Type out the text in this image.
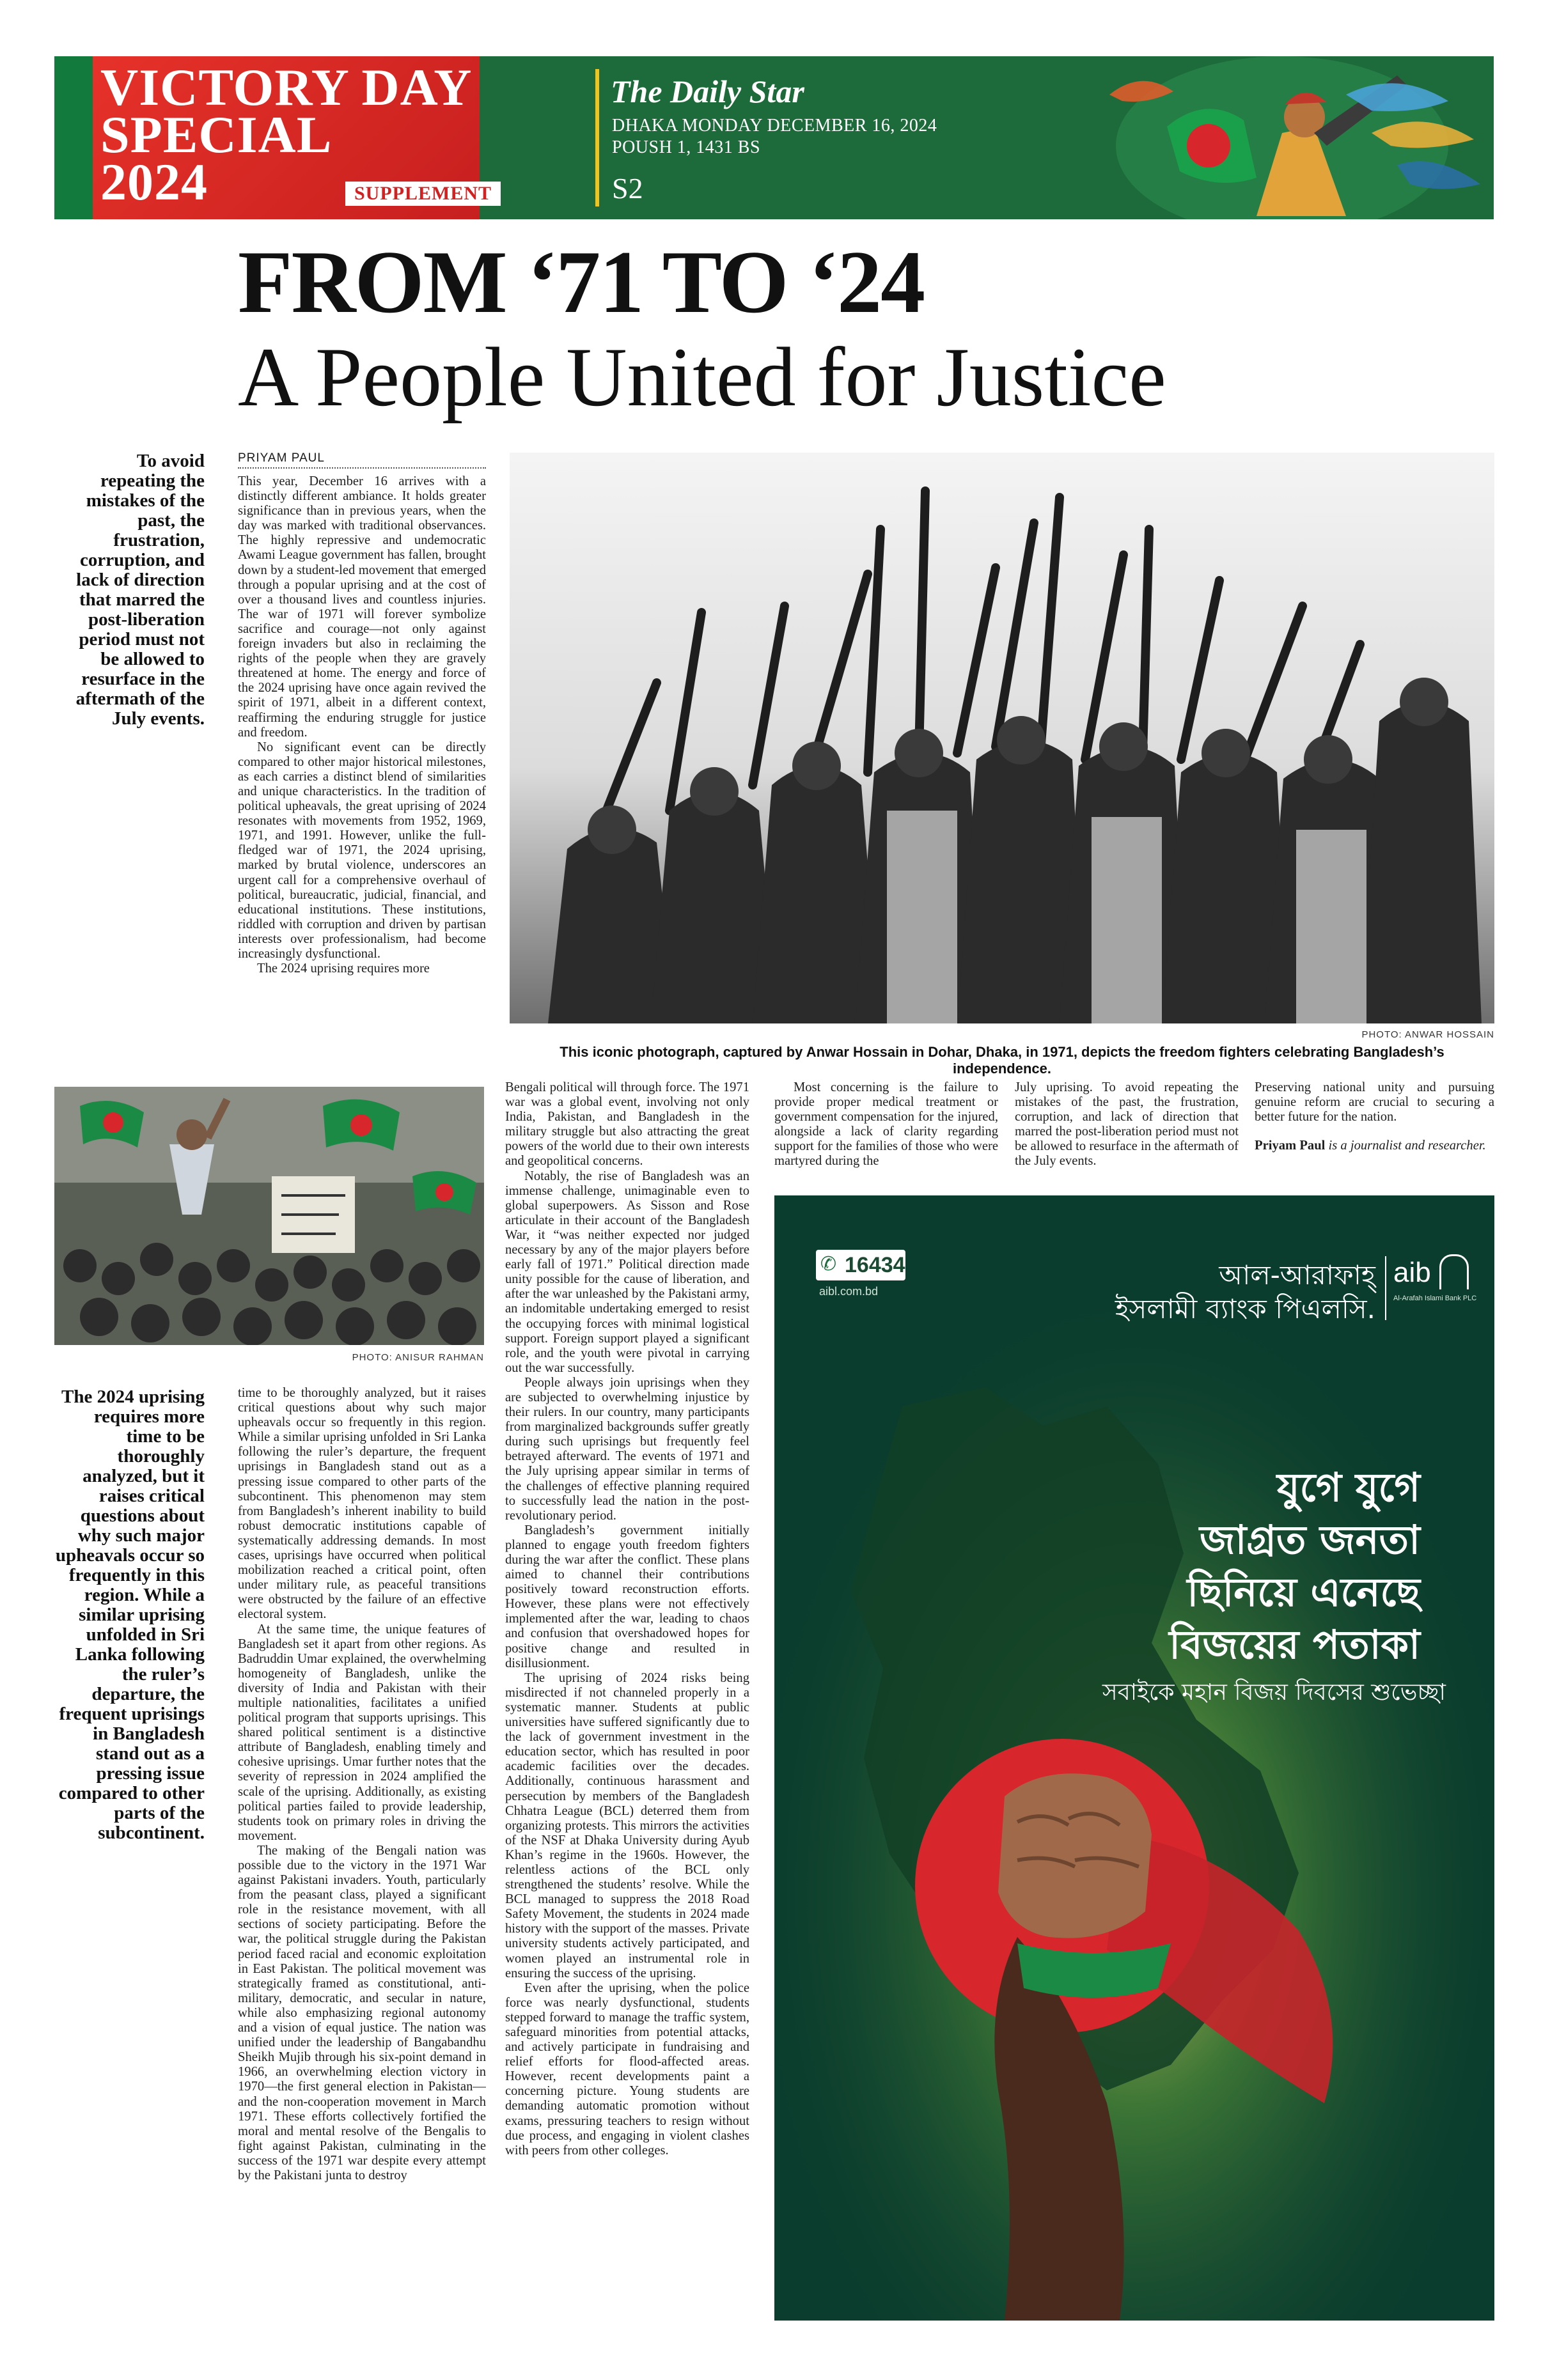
VICTORY DAY
SPECIAL
2024	SUPPLEMENT
The Daily Star
DHAKA MONDAY DECEMBER 16, 2024
POUSH 1, 1431 BS
S2
FROM ‘71 TO ‘24
A People United for Justice
To avoid repeating the mistakes of the past, the frustration, corruption, and lack of direction that marred the post-liberation period must not be allowed to resurface in the aftermath of the July events.
The 2024 uprising requires more time to be thoroughly analyzed, but it raises critical questions about why such major upheavals occur so frequently in this region. While a similar uprising unfolded in Sri Lanka following the ruler’s departure, the frequent uprisings in Bangladesh stand out as a pressing issue compared to other parts of the subcontinent.
PRIYAM PAUL

This year, December 16 arrives with a distinctly different ambiance. It holds greater significance than in previous years, when the day was marked with traditional observances. The highly repressive and undemocratic Awami League government has fallen, brought down by a student-led movement that emerged through a popular uprising and at the cost of over a thousand lives and countless injuries. The war of 1971 will forever symbolize sacrifice and courage—not only against foreign invaders but also in reclaiming the rights of the people when they are gravely threatened at home. The energy and force of the 2024 uprising have once again revived the spirit of 1971, albeit in a different context, reaffirming the enduring struggle for justice and freedom.

No significant event can be directly compared to other major historical milestones, as each carries a distinct blend of similarities and unique characteristics. In the tradition of political upheavals, the great uprising of 2024 resonates with movements from 1952, 1969, 1971, and 1991. However, unlike the full-fledged war of 1971, the 2024 uprising, marked by brutal violence, underscores an urgent call for a comprehensive overhaul of political, bureaucratic, judicial, financial, and educational institutions. These institutions, riddled with corruption and driven by partisan interests over professionalism, had become increasingly dysfunctional.

The 2024 uprising requires more

PHOTO: ANWAR HOSSAIN
This iconic photograph, captured by Anwar Hossain in Dohar, Dhaka, in 1971, depicts the freedom fighters celebrating Bangladesh’s independence.
PHOTO: ANISUR RAHMAN

time to be thoroughly analyzed, but it raises critical questions about why such major upheavals occur so frequently in this region. While a similar uprising unfolded in Sri Lanka following the ruler’s departure, the frequent uprisings in Bangladesh stand out as a pressing issue compared to other parts of the subcontinent. This phenomenon may stem from Bangladesh’s inherent inability to build robust democratic institutions capable of systematically addressing demands. In most cases, uprisings have occurred when political mobilization reached a critical point, often under military rule, as peaceful transitions were obstructed by the failure of an effective electoral system.

At the same time, the unique features of Bangladesh set it apart from other regions. As Badruddin Umar explained, the overwhelming homogeneity of Bangladesh, unlike the diversity of India and Pakistan with their multiple nationalities, facilitates a unified political program that supports uprisings. This shared political sentiment is a distinctive attribute of Bangladesh, enabling timely and cohesive uprisings. Umar further notes that the severity of repression in 2024 amplified the scale of the uprising. Additionally, as existing political parties failed to provide leadership, students took on primary roles in driving the movement.

The making of the Bengali nation was possible due to the victory in the 1971 War against Pakistani invaders. Youth, particularly from the peasant class, played a significant role in the resistance movement, with all sections of society participating. Before the war, the political struggle during the Pakistan period faced racial and economic exploitation in East Pakistan. The political movement was strategically framed as constitutional, anti-military, democratic, and secular in nature, while also emphasizing regional autonomy and a vision of equal justice. The nation was unified under the leadership of Bangabandhu Sheikh Mujib through his six-point demand in 1966, an overwhelming election victory in 1970—the first general election in Pakistan—and the non-cooperation movement in March 1971. These efforts collectively fortified the moral and mental resolve of the Bengalis to fight against Pakistan, culminating in the success of the 1971 war despite every attempt by the Pakistani junta to destroy

Bengali political will through force. The 1971 war was a global event, involving not only India, Pakistan, and Bangladesh in the military struggle but also attracting the great powers of the world due to their own interests and geopolitical concerns.

Notably, the rise of Bangladesh was an immense challenge, unimaginable even to global superpowers. As Sisson and Rose articulate in their account of the Bangladesh War, it “was neither expected nor judged necessary by any of the major players before early fall of 1971.” Political direction made unity possible for the cause of liberation, and after the war unleashed by the Pakistani army, an indomitable undertaking emerged to resist the occupying forces with minimal logistical support. Foreign support played a significant role, and the youth were pivotal in carrying out the war successfully.

People always join uprisings when they are subjected to overwhelming injustice by their rulers. In our country, many participants from marginalized backgrounds suffer greatly during such uprisings but frequently feel betrayed afterward. The events of 1971 and the July uprising appear similar in terms of the challenges of effective planning required to successfully lead the nation in the post-revolutionary period.

Bangladesh’s government initially planned to engage youth freedom fighters during the war after the conflict. These plans aimed to channel their contributions positively toward reconstruction efforts. However, these plans were not effectively implemented after the war, leading to chaos and confusion that overshadowed hopes for positive change and resulted in disillusionment.

The uprising of 2024 risks being misdirected if not channeled properly in a systematic manner. Students at public universities have suffered significantly due to the lack of government investment in the education sector, which has resulted in poor academic facilities over the decades. Additionally, continuous harassment and persecution by members of the Bangladesh Chhatra League (BCL) deterred them from organizing protests. This mirrors the activities of the NSF at Dhaka University during Ayub Khan’s regime in the 1960s. However, the relentless actions of the BCL only strengthened the students’ resolve. While the BCL managed to suppress the 2018 Road Safety Movement, the students in 2024 made history with the support of the masses. Private university students actively participated, and women played an instrumental role in ensuring the success of the uprising.

Even after the uprising, when the police force was nearly dysfunctional, students stepped forward to manage the traffic system, safeguard minorities from potential attacks, and actively participate in fundraising and relief efforts for flood-affected areas. However, recent developments paint a concerning picture. Young students are demanding automatic promotion without exams, pressuring teachers to resign without due process, and engaging in violent clashes with peers from other colleges.

Most concerning is the failure to provide proper medical treatment or government compensation for the injured, alongside a lack of clarity regarding support for the families of those who were martyred during the

July uprising. To avoid repeating the mistakes of the past, the frustration, corruption, and lack of direction that marred the post-liberation period must not be allowed to resurface in the aftermath of the July events.

Preserving national unity and pursuing genuine reform are crucial to securing a better future for the nation.

Priyam Paul is a journalist and researcher.

✆ 16434
aibl.com.bd
আল-আরাফাহ্
ইসলামী ব্যাংক পিএলসি.
aib
Al-Arafah Islami Bank PLC
যুগে যুগে
জাগ্রত জনতা
ছিনিয়ে এনেছে
বিজয়ের পতাকা
সবাইকে মহান বিজয় দিবসের শুভেচ্ছা
